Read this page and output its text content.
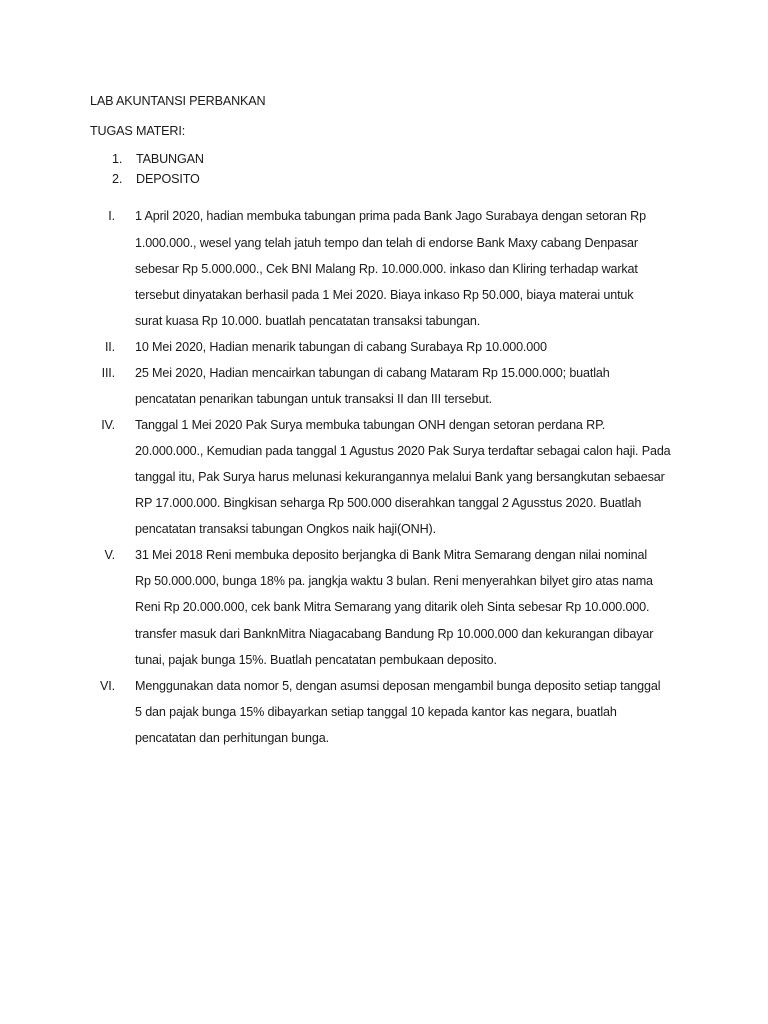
LAB AKUNTANSI PERBANKAN
TUGAS MATERI:
1. TABUNGAN
2. DEPOSITO
I. 1 April 2020, hadian membuka tabungan prima pada Bank Jago Surabaya dengan setoran Rp
1.000.000., wesel yang telah jatuh tempo dan telah di endorse Bank Maxy cabang Denpasar
sebesar Rp 5.000.000., Cek BNI Malang Rp. 10.000.000. inkaso dan Kliring terhadap warkat
tersebut dinyatakan berhasil pada 1 Mei 2020. Biaya inkaso Rp 50.000, biaya materai untuk
surat kuasa Rp 10.000. buatlah pencatatan transaksi tabungan.
II. 10 Mei 2020, Hadian menarik tabungan di cabang Surabaya Rp 10.000.000
III. 25 Mei 2020, Hadian mencairkan tabungan di cabang Mataram Rp 15.000.000; buatlah
pencatatan penarikan tabungan untuk transaksi II dan III tersebut.
IV. Tanggal 1 Mei 2020 Pak Surya membuka tabungan ONH dengan setoran perdana RP.
20.000.000., Kemudian pada tanggal 1 Agustus 2020 Pak Surya terdaftar sebagai calon haji. Pada
tanggal itu, Pak Surya harus melunasi kekurangannya melalui Bank yang bersangkutan sebaesar
RP 17.000.000. Bingkisan seharga Rp 500.000 diserahkan tanggal 2 Agusstus 2020. Buatlah
pencatatan transaksi tabungan Ongkos naik haji(ONH).
V. 31 Mei 2018 Reni membuka deposito berjangka di Bank Mitra Semarang dengan nilai nominal
Rp 50.000.000, bunga 18% pa. jangkja waktu 3 bulan. Reni menyerahkan bilyet giro atas nama
Reni Rp 20.000.000, cek bank Mitra Semarang yang ditarik oleh Sinta sebesar Rp 10.000.000.
transfer masuk dari BanknMitra Niagacabang Bandung Rp 10.000.000 dan kekurangan dibayar
tunai, pajak bunga 15%. Buatlah pencatatan pembukaan deposito.
VI. Menggunakan data nomor 5, dengan asumsi deposan mengambil bunga deposito setiap tanggal
5 dan pajak bunga 15% dibayarkan setiap tanggal 10 kepada kantor kas negara, buatlah
pencatatan dan perhitungan bunga.
